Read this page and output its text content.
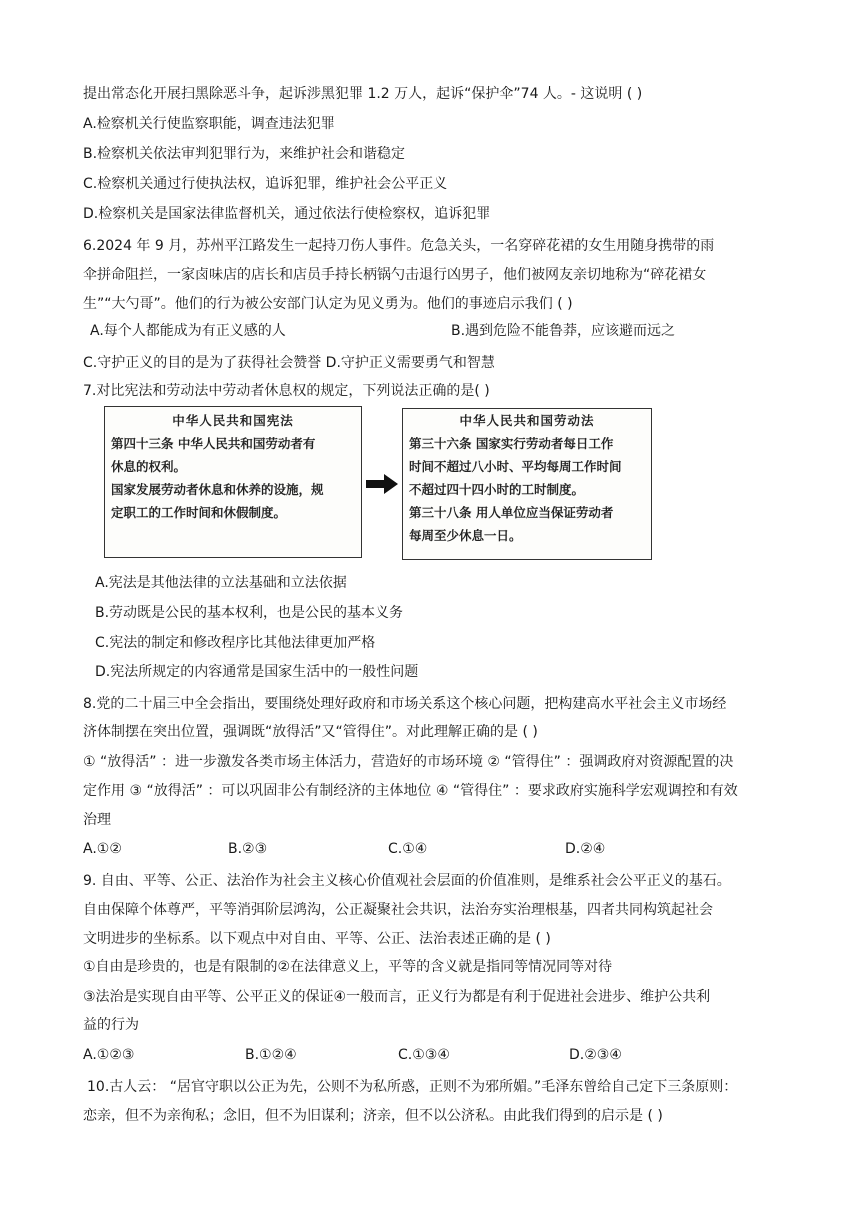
提出常态化开展扫黑除恶斗争，起诉涉黑犯罪 1.2 万人，起诉“保护伞”74 人。- 这说明 ( )
A.检察机关行使监察职能，调查违法犯罪
B.检察机关依法审判犯罪行为，来维护社会和谐稳定
C.检察机关通过行使执法权，追诉犯罪，维护社会公平正义
D.检察机关是国家法律监督机关，通过依法行使检察权，追诉犯罪
6.2024 年 9 月，苏州平江路发生一起持刀伤人事件。危急关头，一名穿碎花裙的女生用随身携带的雨
伞拼命阻拦，一家卤味店的店长和店员手持长柄锅勺击退行凶男子，他们被网友亲切地称为“碎花裙女
生”“大勺哥”。他们的行为被公安部门认定为见义勇为。他们的事迹启示我们 ( )
A.每个人都能成为有正义感的人	B.遇到危险不能鲁莽，应该避而远之
C.守护正义的目的是为了获得社会赞誉 D.守护正义需要勇气和智慧
7.对比宪法和劳动法中劳动者休息权的规定，下列说法正确的是( )
中华人民共和国宪法
第四十三条 中华人民共和国劳动者有
休息的权利。
国家发展劳动者休息和休养的设施，规
定职工的工作时间和休假制度。
中华人民共和国劳动法
第三十六条 国家实行劳动者每日工作
时间不超过八小时、平均每周工作时间
不超过四十四小时的工时制度。
第三十八条 用人单位应当保证劳动者
每周至少休息一日。
A.宪法是其他法律的立法基础和立法依据
B.劳动既是公民的基本权利，也是公民的基本义务
C.宪法的制定和修改程序比其他法律更加严格
D.宪法所规定的内容通常是国家生活中的一般性问题
8.党的二十届三中全会指出，要围绕处理好政府和市场关系这个核心问题，把构建高水平社会主义市场经
济体制摆在突出位置，强调既“放得活”又“管得住”。对此理解正确的是 ( )
① “放得活” ：进一步激发各类市场主体活力，营造好的市场环境 ② “管得住” ：强调政府对资源配置的决
定作用 ③ “放得活” ：可以巩固非公有制经济的主体地位 ④ “管得住” ：要求政府实施科学宏观调控和有效
治理
A.①②	B.②③	C.①④	D.②④
9. 自由、平等、公正、法治作为社会主义核心价值观社会层面的价值准则，是维系社会公平正义的基石。
自由保障个体尊严，平等消弭阶层鸿沟，公正凝聚社会共识，法治夯实治理根基，四者共同构筑起社会
文明进步的坐标系。以下观点中对自由、平等、公正、法治表述正确的是 ( )
①自由是珍贵的，也是有限制的②在法律意义上，平等的含义就是指同等情况同等对待
③法治是实现自由平等、公平正义的保证④一般而言，正义行为都是有利于促进社会进步、维护公共利
益的行为
A.①②③	B.①②④	C.①③④	D.②③④
10.古人云： “居官守职以公正为先，公则不为私所惑，正则不为邪所媚。”毛泽东曾给自己定下三条原则：
恋亲，但不为亲徇私；念旧，但不为旧谋利；济亲，但不以公济私。由此我们得到的启示是 ( )
